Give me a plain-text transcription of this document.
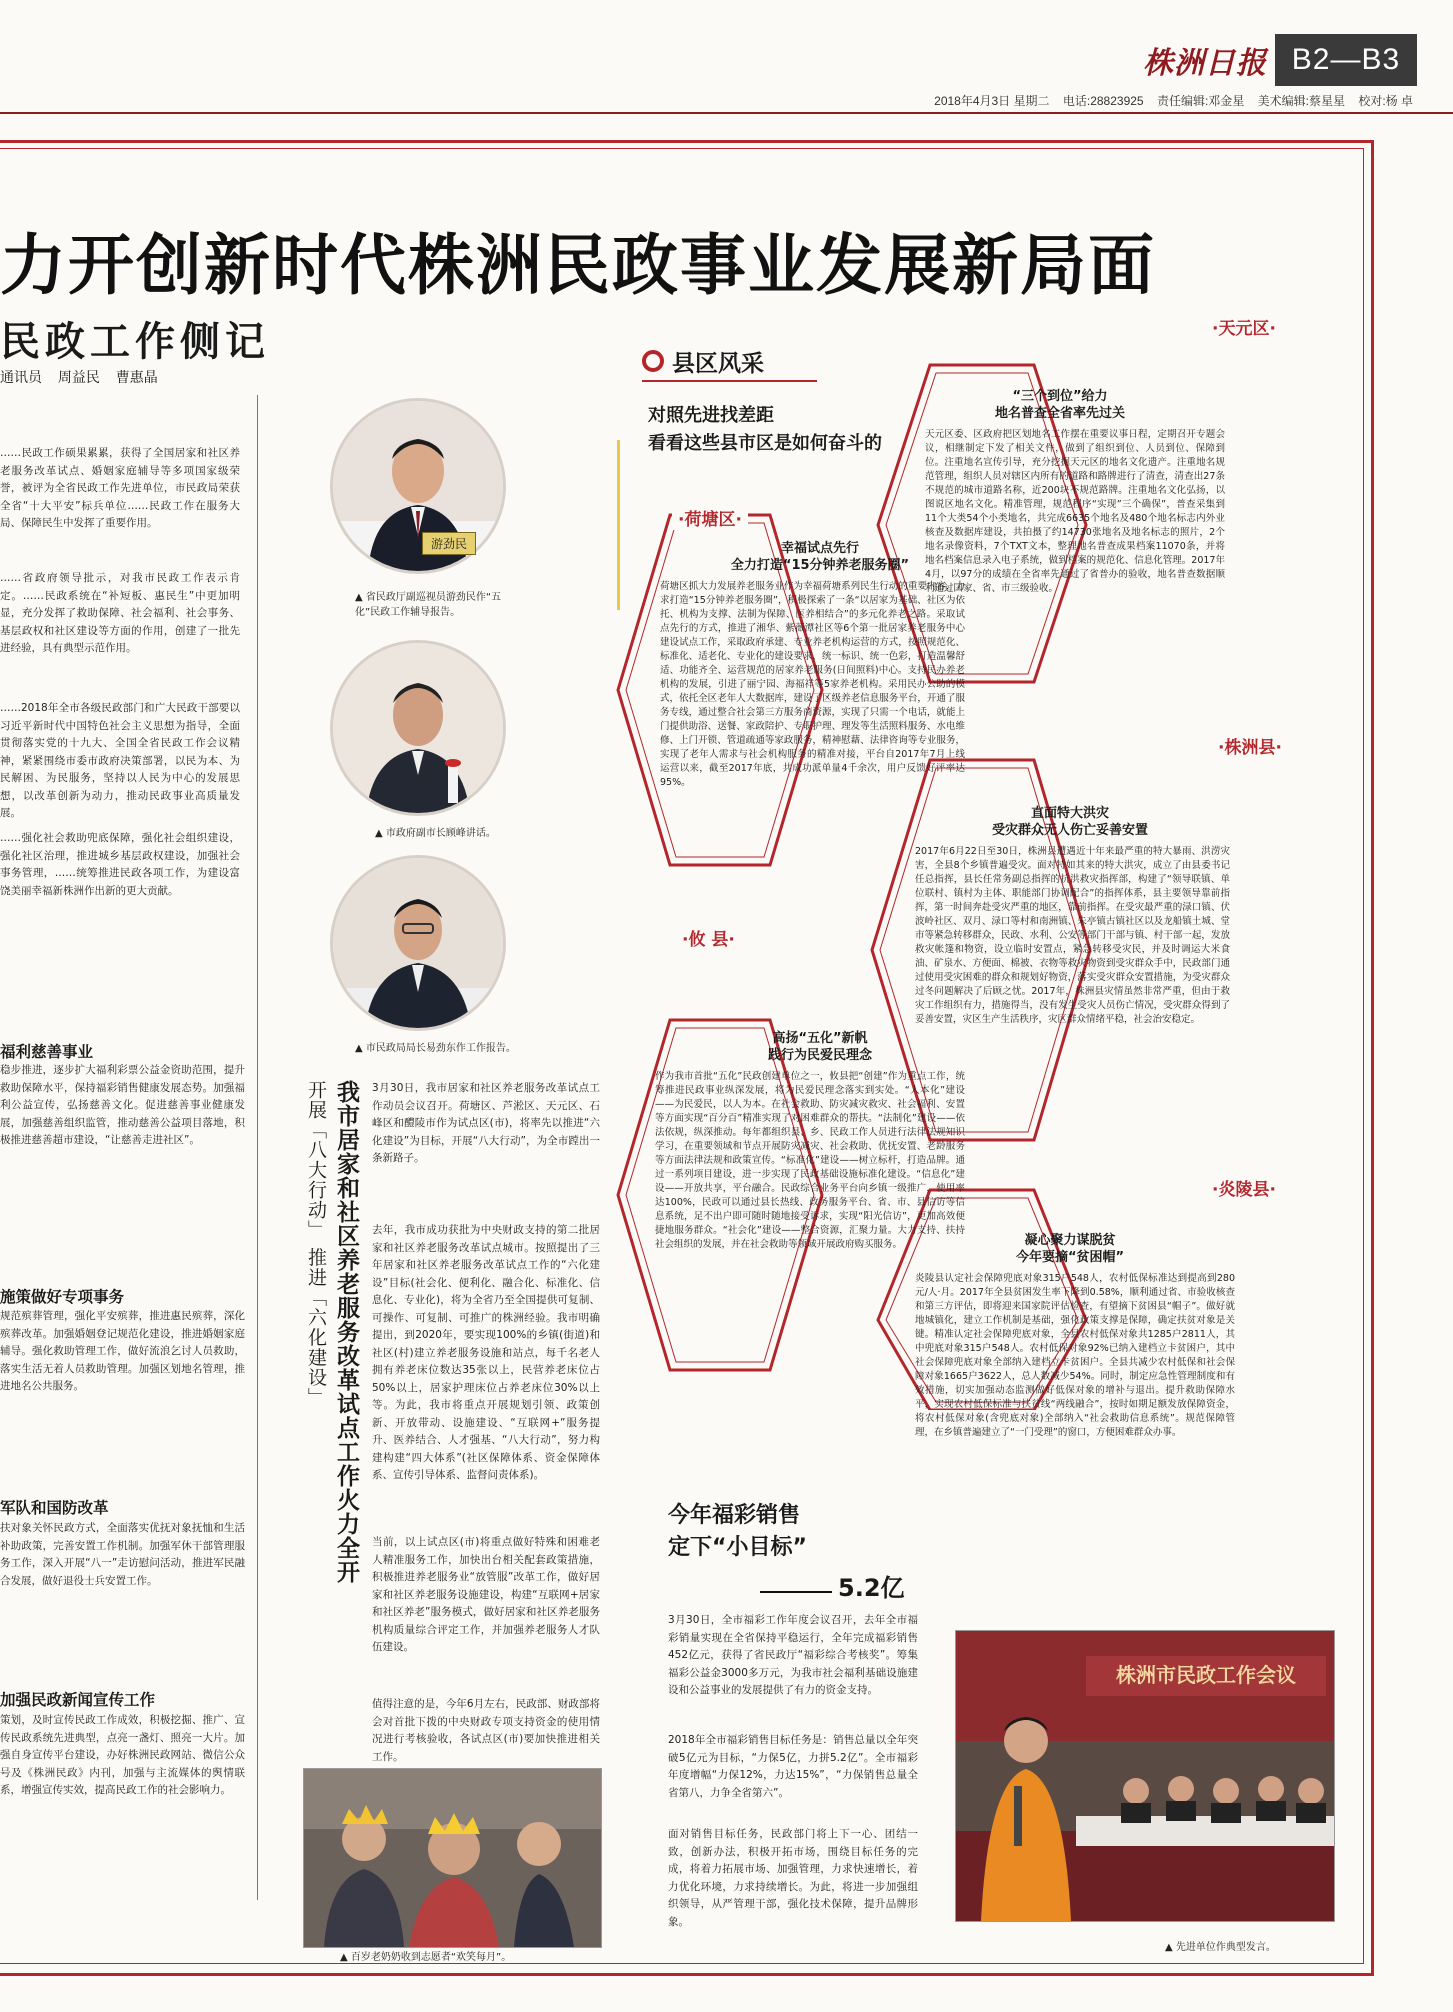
株洲日报 B2—B3
2018年4月3日 星期二 电话:28823925 责任编辑:邓金星 美术编辑:蔡星星 校对:杨 卓
力开创新时代株洲民政事业发展新局面
民政工作侧记
通讯员 周益民 曹惠晶
……民政工作硕果累累，获得了全国居家和社区养老服务改革试点、婚姻家庭辅导等多项国家级荣誉，被评为全省民政工作先进单位，市民政局荣获全省“十大平安”标兵单位……民政工作在服务大局、保障民生中发挥了重要作用。
……省政府领导批示，对我市民政工作表示肯定。……民政系统在“补短板、惠民生”中更加明显，充分发挥了救助保障、社会福利、社会事务、基层政权和社区建设等方面的作用，创建了一批先进经验，具有典型示范作用。
……2018年全市各级民政部门和广大民政干部要以习近平新时代中国特色社会主义思想为指导，全面贯彻落实党的十九大、全国全省民政工作会议精神，紧紧围绕市委市政府决策部署，以民为本、为民解困、为民服务，坚持以人民为中心的发展思想，以改革创新为动力，推动民政事业高质量发展。
……强化社会救助兜底保障，强化社会组织建设，强化社区治理，推进城乡基层政权建设，加强社会事务管理，……统筹推进民政各项工作，为建设富饶美丽幸福新株洲作出新的更大贡献。
福利慈善事业
稳步推进，逐步扩大福利彩票公益金资助范围，提升救助保障水平，保持福彩销售健康发展态势。加强福利公益宣传，弘扬慈善文化。促进慈善事业健康发展，加强慈善组织监管，推动慈善公益项目落地，积极推进慈善超市建设，“让慈善走进社区”。
施策做好专项事务
规范殡葬管理，强化平安殡葬，推进惠民殡葬，深化殡葬改革。加强婚姻登记规范化建设，推进婚姻家庭辅导。强化救助管理工作，做好流浪乞讨人员救助，落实生活无着人员救助管理。加强区划地名管理，推进地名公共服务。
军队和国防改革
扶对象关怀民政方式，全面落实优抚对象抚恤和生活补助政策，完善安置工作机制。加强军休干部管理服务工作，深入开展“八一”走访慰问活动，推进军民融合发展，做好退役士兵安置工作。
加强民政新闻宣传工作
策划，及时宣传民政工作成效，积极挖掘、推广、宣传民政系统先进典型，点亮一盏灯、照亮一大片。加强自身宣传平台建设，办好株洲民政网站、微信公众号及《株洲民政》内刊，加强与主流媒体的舆情联系，增强宣传实效，提高民政工作的社会影响力。
游劲民
▲ 省民政厅副巡视员游劲民作“五化”民政工作辅导报告。
▲ 市政府副市长顾峰讲话。
▲ 市民政局局长易劲东作工作报告。
我市居家和社区养老服务改革试点工作火力全开
开展「八大行动」 推进「六化建设」	3月30日，我市居家和社区养老服务改革试点工作动员会议召开。荷塘区、芦淞区、天元区、石峰区和醴陵市作为试点区(市)，将率先以推进“六化建设”为目标，开展“八大行动”，为全市蹚出一条新路子。
去年，我市成功获批为中央财政支持的第二批居家和社区养老服务改革试点城市。按照提出了三年居家和社区养老服务改革试点工作的“六化建设”目标(社会化、便利化、融合化、标准化、信息化、专业化)，将为全省乃至全国提供可复制、可操作、可复制、可推广的株洲经验。我市明确提出，到2020年，要实现100%的乡镇(街道)和社区(村)建立养老服务设施和站点，每千名老人拥有养老床位数达35张以上，民营养老床位占50%以上，居家护理床位占养老床位30%以上等。为此，我市将重点开展规划引领、政策创新、开放带动、设施建设、“互联网+”服务提升、医养结合、人才强基、“八大行动”，努力构建构建“四大体系”(社区保障体系、资金保障体系、宣传引导体系、监督问责体系)。
当前，以上试点区(市)将重点做好特殊和困难老人精准服务工作，加快出台相关配套政策措施，积极推进养老服务业“放管服”改革工作，做好居家和社区养老服务设施建设，构建“互联网+居家和社区养老”服务模式，做好居家和社区养老服务机构质量综合评定工作，并加强养老服务人才队伍建设。
值得注意的是，今年6月左右，民政部、财政部将会对首批下拨的中央财政专项支持资金的使用情况进行考核验收，各试点区(市)要加快推进相关工作。
▲ 百岁老奶奶收到志愿者“欢笑每月”。
县区风采
对照先进找差距
看看这些县市区是如何奋斗的
·天元区·
“三个到位”给力
地名普查全省率先过关
天元区委、区政府把区划地名工作摆在重要议事日程，定期召开专题会议，相继制定下发了相关文件，做到了组织到位、人员到位、保障到位。注重地名宣传引导，充分挖掘天元区的地名文化遗产。注重地名规范管理，组织人员对辖区内所有的道路和路牌进行了清查，清查出27条不规范的城市道路名称，近200块不规范路牌。注重地名文化弘扬，以图说区地名文化。精准管理，规范程序“实现”三个确保”，普查采集到11个大类54个小类地名，共完成6635个地名及480个地名标志内外业核查及数据库建设，共拍摄了约14730张地名及地名标志的照片，2个地名录像资料，7个TXT文本，整理地名普查成果档案11070条，并将地名档案信息录入电子系统，做到档案的规范化、信息化管理。2017年4月，以97分的成绩在全省率先通过了省普办的验收，地名普查数据顺利通过国家、省、市三级验收。
·荷塘区·
幸福试点先行
全力打造“15分钟养老服务圈”
荷塘区抓大力发展养老服务业作为幸福荷塘系列民生行动的重要内容，力求打造“15分钟养老服务圈”，积极探索了一条“以居家为基础、社区为依托、机构为支撑、法制为保障、医养相结合”的多元化养老之路。采取试点先行的方式，推进了湘华、紫薇潭社区等6个第一批居家养老服务中心建设试点工作，采取政府承建、专业养老机构运营的方式，按照规范化、标准化、适老化、专业化的建设要求，统一标识、统一色彩，打造温馨舒适、功能齐全、运营规范的居家养老服务(日间照料)中心。支持民办养老机构的发展，引进了丽宁园、海福祥等5家养老机构。采用民办公助的模式，依托全区老年人大数据库，建设了区级养老信息服务平台，开通了服务专线，通过整合社会第三方服务商资源，实现了只需一个电话，就能上门提供助浴、送餐、家政陪护、专职护理、理发等生活照料服务、水电维修、上门开锁、管道疏通等家政服务，精神慰藉、法律咨询等专业服务，实现了老年人需求与社会机构服务的精准对接，平台自2017年7月上线运营以来，截至2017年底，共成功派单量4千余次，用户反馈好评率达95%。
·株洲县·
直面特大洪灾
受灾群众无人伤亡妥善安置
2017年6月22日至30日，株洲县遭遇近十年来最严重的特大暴雨、洪涝灾害，全县8个乡镇普遍受灾。面对特如其来的特大洪灾，成立了由县委书记任总指挥，县长任常务副总指挥的抗洪救灾指挥部，构建了“领导联镇、单位联村、镇村为主体、职能部门协调配合”的指挥体系，县主要领导靠前指挥，第一时间奔赴受灾严重的地区，靠前指挥。在受灾最严重的渌口镇、伏波岭社区、双月、渌口等村和南洲镇、朱亭镇古镇社区以及龙船镇土城、堂市等紧急转移群众，民政、水利、公安等部门干部与镇、村干部一起，发放救灾帐篷和物资，设立临时安置点，紧急转移受灾民，并及时调运大米食油、矿泉水、方便面、棉被、衣物等救灾物资到受灾群众手中，民政部门通过使用受灾困难的群众和规划好物资，落实受灾群众安置措施，为受灾群众过冬问题解决了后顾之忧。2017年，株洲县灾情虽然非常严重，但由于救灾工作组织有力，措施得当，没有发生受灾人员伤亡情况，受灾群众得到了妥善安置，灾区生产生活秩序，灾区群众情绪平稳，社会治安稳定。
·攸 县·
高扬“五化”新帆
践行为民爱民理念
作为我市首批“五化”民政创建单位之一，攸县把“创建”作为重点工作，统筹推进民政事业纵深发展，将为民爱民理念落实到实处。“人本化”建设——为民爱民，以人为本。在社会救助、防灾减灾救灾、社会福利、安置等方面实现“百分百”精准实现了对困难群众的帮扶。“法制化”建设——依法依规，纵深推动。每年都组织县、乡、民政工作人员进行法律法规知识学习，在重要领域和节点开展防灾减灾、社会救助、优抚安置、老龄服务等方面法律法规和政策宣传。“标准化”建设——树立标杆，打造品牌。通过一系列项目建设，进一步实现了民政基础设施标准化建设。“信息化”建设——开放共享，平台融合。民政综合业务平台向乡镇一级推广，使用率达100%，民政可以通过县长热线、政务服务平台、省、市、县信访等信息系统，足不出户即可随时随地接受诉求，实现“阳光信访”，更加高效便捷地服务群众。“社会化”建设——整合资源，汇聚力量。大力支持、扶持社会组织的发展，并在社会救助等领域开展政府购买服务。
·炎陵县·
凝心聚力谋脱贫
今年要摘“贫困帽”
炎陵县认定社会保障兜底对象315户548人，农村低保标准达到提高到280元/人·月。2017年全县贫困发生率下降到0.58%，顺利通过省、市验收核查和第三方评估，即将迎来国家院评估检查，有望摘下贫困县“帽子”。做好就地城镇化，建立工作机制是基础，强化政策支撑是保障，确定扶贫对象是关键。精准认定社会保障兜底对象，全县农村低保对象共1285户2811人，其中兜底对象315户548人。农村低保对象92%已纳入建档立卡贫困户，其中社会保障兜底对象全部纳入建档立卡贫困户。全县共减少农村低保和社会保障对象1665户3622人，总人数减少54%。同时，制定应急性管理制度和有效措施，切实加强动态监测做好低保对象的增补与退出。提升救助保障水平，实现农村低保标准与扶贫线“两线融合”，按时如期足额发放保障资金，将农村低保对象(含兜底对象)全部纳入“社会救助信息系统”。规范保障管理，在乡镇普遍建立了“一门受理”的窗口，方便困难群众办事。
今年福彩销售
定下“小目标”
5.2亿
3月30日，全市福彩工作年度会议召开，去年全市福彩销量实现在全省保持平稳运行，全年完成福彩销售452亿元，获得了省民政厅“福彩综合考核奖”。筹集福彩公益金3000多万元，为我市社会福利基础设施建设和公益事业的发展提供了有力的资金支持。
2018年全市福彩销售目标任务是：销售总量以全年突破5亿元为目标，“力保5亿，力拼5.2亿”。全市福彩年度增幅“力保12%，力达15%”，“力保销售总量全省第八，力争全省第六”。
面对销售目标任务，民政部门将上下一心、团结一致，创新办法，积极开拓市场，围绕目标任务的完成，将着力拓展市场、加强管理，力求快速增长，着力优化环境，力求持续增长。为此，将进一步加强组织领导，从严管理干部，强化技术保障，提升品牌形象。
株洲市民政工作会议
▲ 先进单位作典型发言。
